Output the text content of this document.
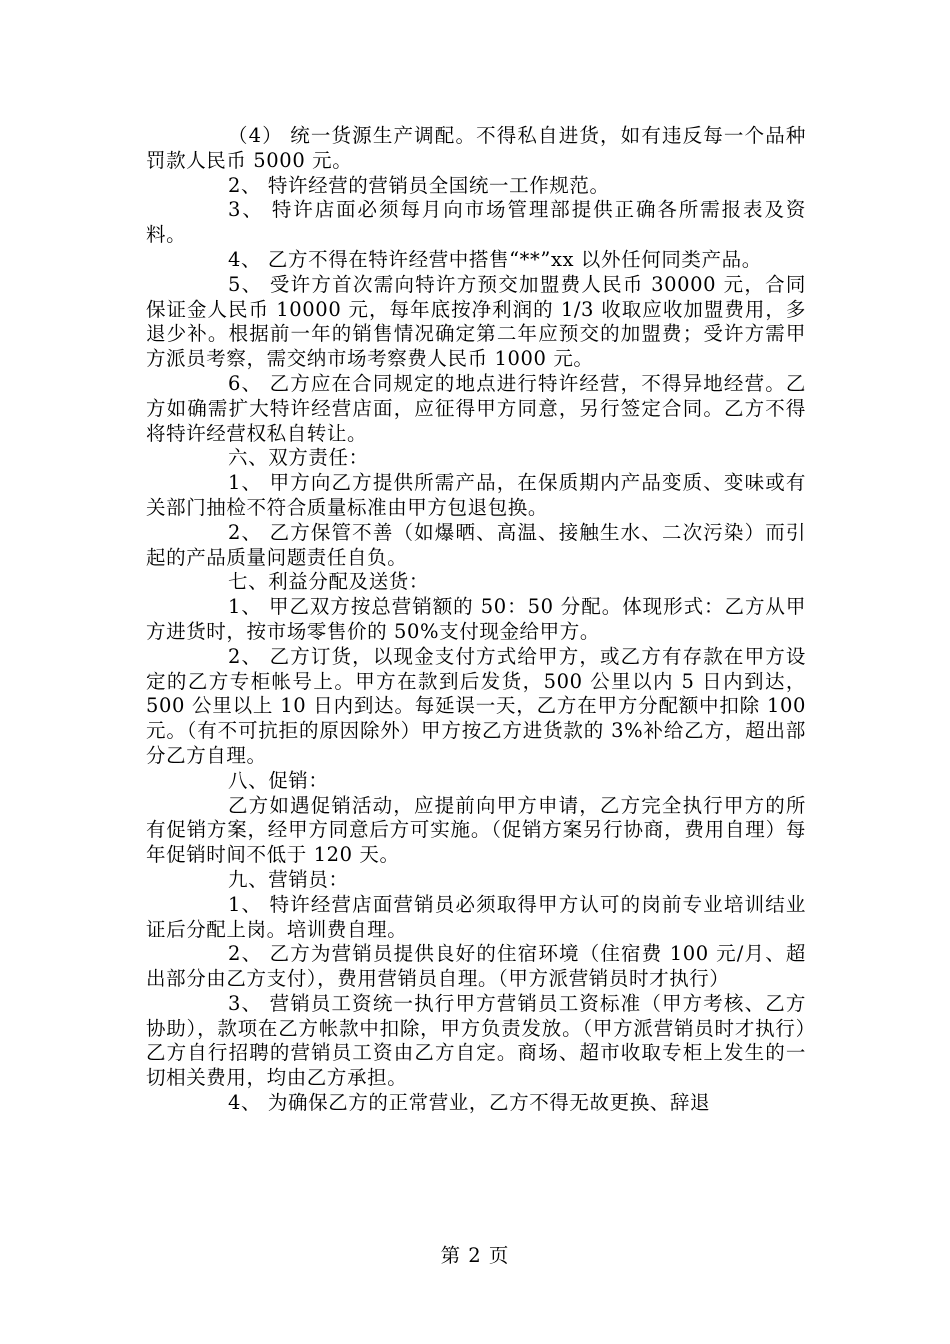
（4） 统一货源生产调配。不得私自进货，如有违反每一个品种罚款人民币 5000 元。

2、 特许经营的营销员全国统一工作规范。

3、 特许店面必须每月向市场管理部提供正确各所需报表及资料。

4、 乙方不得在特许经营中搭售“**”xx 以外任何同类产品。

5、 受许方首次需向特许方预交加盟费人民币 30000 元，合同保证金人民币 10000 元，每年底按净利润的 1/3 收取应收加盟费用，多退少补。根据前一年的销售情况确定第二年应预交的加盟费；受许方需甲方派员考察，需交纳市场考察费人民币 1000 元。

6、 乙方应在合同规定的地点进行特许经营，不得异地经营。乙方如确需扩大特许经营店面，应征得甲方同意，另行签定合同。乙方不得将特许经营权私自转让。

六、双方责任：

1、 甲方向乙方提供所需产品，在保质期内产品变质、变味或有关部门抽检不符合质量标准由甲方包退包换。

2、 乙方保管不善（如爆晒、高温、接触生水、二次污染）而引起的产品质量问题责任自负。

七、利益分配及送货：

1、 甲乙双方按总营销额的 50：50 分配。体现形式：乙方从甲方进货时，按市场零售价的 50%支付现金给甲方。

2、 乙方订货，以现金支付方式给甲方，或乙方有存款在甲方设定的乙方专柜帐号上。甲方在款到后发货，500 公里以内 5 日内到达，500 公里以上 10 日内到达。每延误一天，乙方在甲方分配额中扣除 100 元。（有不可抗拒的原因除外）甲方按乙方进货款的 3%补给乙方，超出部分乙方自理。

八、促销：

乙方如遇促销活动，应提前向甲方申请，乙方完全执行甲方的所有促销方案，经甲方同意后方可实施。（促销方案另行协商，费用自理）每年促销时间不低于 120 天。

九、营销员：

1、 特许经营店面营销员必须取得甲方认可的岗前专业培训结业证后分配上岗。培训费自理。

2、 乙方为营销员提供良好的住宿环境（住宿费 100 元/月、超出部分由乙方支付），费用营销员自理。（甲方派营销员时才执行）

3、 营销员工资统一执行甲方营销员工资标准（甲方考核、乙方协助），款项在乙方帐款中扣除，甲方负责发放。（甲方派营销员时才执行）乙方自行招聘的营销员工资由乙方自定。商场、超市收取专柜上发生的一切相关费用，均由乙方承担。

4、 为确保乙方的正常营业，乙方不得无故更换、辞退

第 2 页
